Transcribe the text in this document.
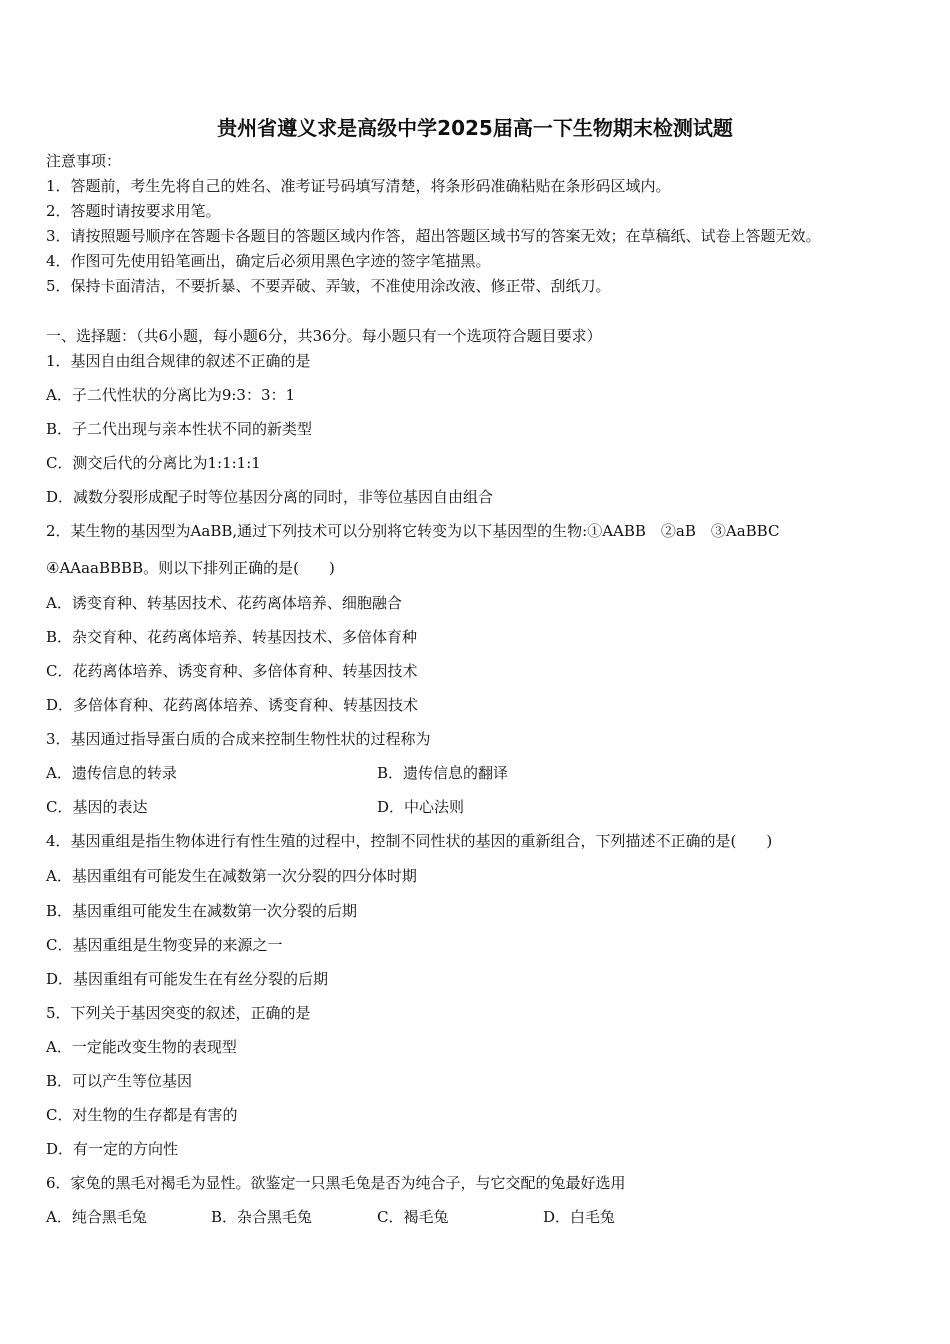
贵州省遵义求是高级中学2025届高一下生物期末检测试题
注意事项：
1．答题前，考生先将自己的姓名、准考证号码填写清楚，将条形码准确粘贴在条形码区域内。
2．答题时请按要求用笔。
3．请按照题号顺序在答题卡各题目的答题区域内作答，超出答题区域书写的答案无效；在草稿纸、试卷上答题无效。
4．作图可先使用铅笔画出，确定后必须用黑色字迹的签字笔描黑。
5．保持卡面清洁，不要折暴、不要弄破、弄皱，不准使用涂改液、修正带、刮纸刀。
一、选择题：（共6小题，每小题6分，共36分。每小题只有一个选项符合题目要求）
1．基因自由组合规律的叙述不正确的是
A．子二代性状的分离比为9:3：3：1
B．子二代出现与亲本性状不同的新类型
C．测交后代的分离比为1:1:1:1
D．减数分裂形成配子时等位基因分离的同时，非等位基因自由组合
2．某生物的基因型为AaBB,通过下列技术可以分别将它转变为以下基因型的生物:①AABB　②aB　③AaBBC
④AAaaBBBB。则以下排列正确的是(　　)
A．诱变育种、转基因技术、花药离体培养、细胞融合
B．杂交育种、花药离体培养、转基因技术、多倍体育种
C．花药离体培养、诱变育种、多倍体育种、转基因技术
D．多倍体育种、花药离体培养、诱变育种、转基因技术
3．基因通过指导蛋白质的合成来控制生物性状的过程称为
A．遗传信息的转录	B．遗传信息的翻译
C．基因的表达	D．中心法则
4．基因重组是指生物体进行有性生殖的过程中，控制不同性状的基因的重新组合，下列描述不正确的是(　　)
A．基因重组有可能发生在减数第一次分裂的四分体时期
B．基因重组可能发生在减数第一次分裂的后期
C．基因重组是生物变异的来源之一
D．基因重组有可能发生在有丝分裂的后期
5．下列关于基因突变的叙述，正确的是
A．一定能改变生物的表现型
B．可以产生等位基因
C．对生物的生存都是有害的
D．有一定的方向性
6．家兔的黑毛对褐毛为显性。欲鉴定一只黑毛兔是否为纯合子，与它交配的兔最好选用
A．纯合黑毛兔	B．杂合黑毛兔	C．褐毛兔	D．白毛兔
